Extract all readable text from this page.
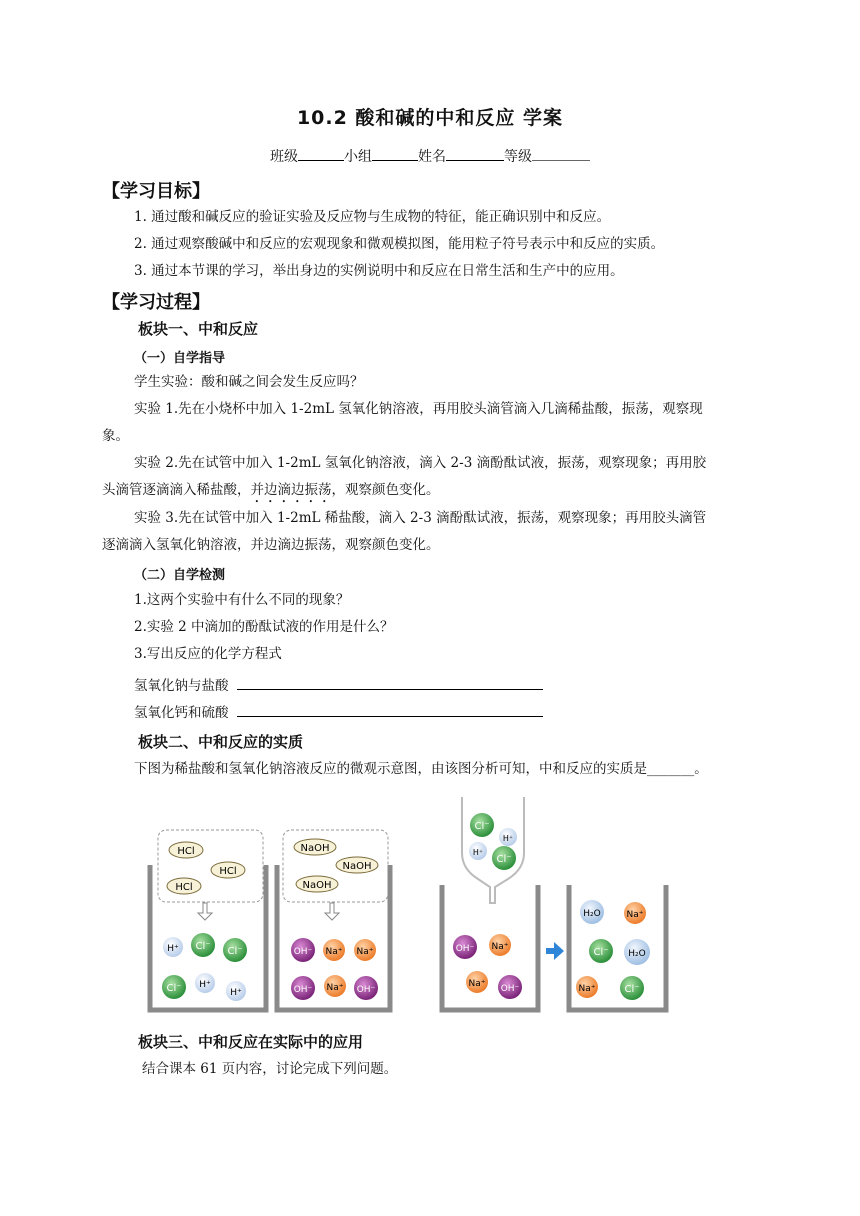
10.2 酸和碱的中和反应 学案
班级	小组	姓名	等级
【学习目标】
1. 通过酸和碱反应的验证实验及反应物与生成物的特征，能正确识别中和反应。
2. 通过观察酸碱中和反应的宏观现象和微观模拟图，能用粒子符号表示中和反应的实质。
3. 通过本节课的学习，举出身边的实例说明中和反应在日常生活和生产中的应用。
【学习过程】
板块一、中和反应
（一）自学指导
学生实验：酸和碱之间会发生反应吗？
实验 1.先在小烧杯中加入 1-2mL 氢氧化钠溶液，再用胶头滴管滴入几滴稀盐酸，振荡，观察现
象。
实验 2.先在试管中加入 1-2mL 氢氧化钠溶液，滴入 2-3 滴酚酞试液，振荡，观察现象；再用胶
头滴管逐滴滴入稀盐酸，并边滴边振荡，观察颜色变化。
实验 3.先在试管中加入 1-2mL 稀盐酸，滴入 2-3 滴酚酞试液，振荡，观察现象；再用胶头滴管
逐滴滴入氢氧化钠溶液，并边滴边振荡，观察颜色变化。
（二）自学检测
1.这两个实验中有什么不同的现象？
2.实验 2 中滴加的酚酞试液的作用是什么？
3.写出反应的化学方程式
氢氧化钠与盐酸
氢氧化钙和硫酸
板块二、中和反应的实质
下图为稀盐酸和氢氧化钠溶液反应的微观示意图，由该图分析可知，中和反应的实质是_______。
HCl
HCl
HCl
H⁺ Cl⁻ Cl⁻
Cl⁻ H⁺
H⁺
NaOH
NaOH
NaOH
OH⁻ Na⁺ Na⁺
OH⁻ Na⁺ OH⁻
Cl⁻
H⁺
H⁺
Cl⁻
OH⁻ Na⁺
Na⁺ OH⁻
H₂O	Na⁺
Cl⁻ H₂O
Na⁺	Cl⁻
板块三、中和反应在实际中的应用
结合课本 61 页内容，讨论完成下列问题。
